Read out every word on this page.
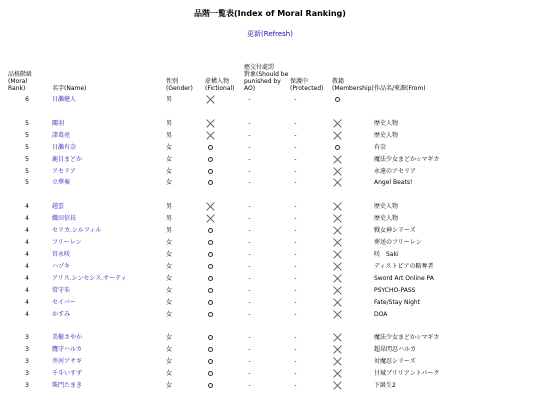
品階一覧表(Index of Moral Ranking)
更新(Refresh)
品格階級
(Moral
Rank)	名字(Name)	性別
(Gender)	虚構人物
(Fictional)	應交付處罰
對象(Should be
punished by
AO)	保護中
(Protected)	教籍
(Membership)	作品名/來源(From)
6	日瀨健人	男		-	-		

5	關羽	男		-	-		歴史人物
5	諸葛亮	男		-	-		歴史人物
5	日瀨有奈	女		-	-		有奈
5	鹿目まどか	女		-	-		魔法少女まどか☆マギカ
5	アセリア	女		-	-		永遠のアセリア
5	立華奏	女		-	-		Angel Beats!

4	趙雲	男		-	-		歴史人物
4	織田信長	男		-	-		歴史人物
4	セリカ.シルフィル	男		-	-		戦女神シリーズ
4	フリーレン	女		-	-		葬送のフリーレン
4	宮永咲	女		-	-		咲　Saki
4	ハヅキ	女		-	-		ディストピアの略奪者
4	アリス.シンセシス.サーティ	女		-	-		Sword Art Online PA
4	常守朱	女		-	-		PSYCHO-PASS
4	セイバー	女		-	-		Fate/Stay Night
4	かすみ	女		-	-		DOA

3	美樹さやか	女		-	-		魔法少女まどか☆マギカ
3	鷹守ハルカ	女		-	-		超昂閃忍ハルカ
3	井河アサギ	女		-	-		対魔忍シリーズ
3	千斗いすず	女		-	-		甘城ブリリアントパーク
3	柴門たまき	女		-	-		下級生2
